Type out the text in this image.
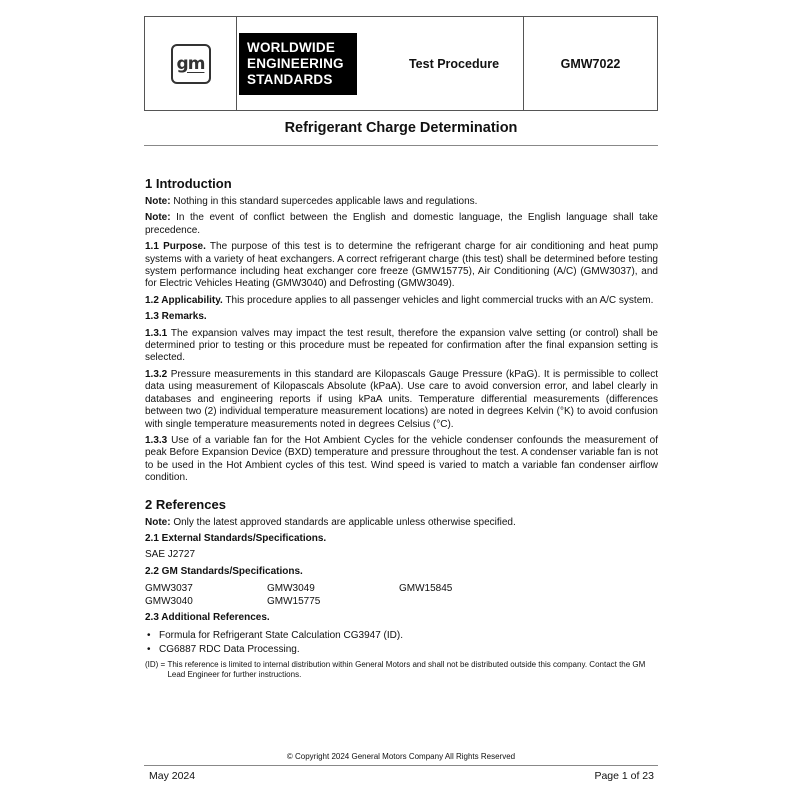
gm
WORLDWIDE
ENGINEERING
STANDARDS
Test Procedure	GMW7022
Refrigerant Charge Determination
1 Introduction

Note: Nothing in this standard supercedes applicable laws and regulations.

Note: In the event of conflict between the English and domestic language, the English language shall take precedence.

1.1 Purpose. The purpose of this test is to determine the refrigerant charge for air conditioning and heat pump systems with a variety of heat exchangers. A correct refrigerant charge (this test) shall be determined before testing system performance including heat exchanger core freeze (GMW15775), Air Conditioning (A/C) (GMW3037), and for Electric Vehicles Heating (GMW3040) and Defrosting (GMW3049).

1.2 Applicability. This procedure applies to all passenger vehicles and light commercial trucks with an A/C system.

1.3 Remarks.

1.3.1 The expansion valves may impact the test result, therefore the expansion valve setting (or control) shall be determined prior to testing or this procedure must be repeated for confirmation after the final expansion setting is selected.

1.3.2 Pressure measurements in this standard are Kilopascals Gauge Pressure (kPaG). It is permissible to collect data using measurement of Kilopascals Absolute (kPaA). Use care to avoid conversion error, and label clearly in databases and engineering reports if using kPaA units. Temperature differential measurements (differences between two (2) individual temperature measurement locations) are noted in degrees Kelvin (°K) to avoid confusion with single temperature measurements noted in degrees Celsius (°C).

1.3.3 Use of a variable fan for the Hot Ambient Cycles for the vehicle condenser confounds the measurement of peak Before Expansion Device (BXD) temperature and pressure throughout the test. A condenser variable fan is not to be used in the Hot Ambient cycles of this test. Wind speed is varied to match a variable fan condenser airflow condition.

2 References

Note: Only the latest approved standards are applicable unless otherwise specified.

2.1 External Standards/Specifications.
SAE J2727
2.2 GM Standards/Specifications.
GMW3037	GMW3049	GMW15845
GMW3040	GMW15775
2.3 Additional References.
• Formula for Refrigerant State Calculation CG3947 (ID).
• CG6887 RDC Data Processing.
(ID) = This reference is limited to internal distribution within General Motors and shall not be distributed outside this company. Contact the GM Lead Engineer for further instructions.
© Copyright 2024 General Motors Company All Rights Reserved
May 2024	Page 1 of 23
